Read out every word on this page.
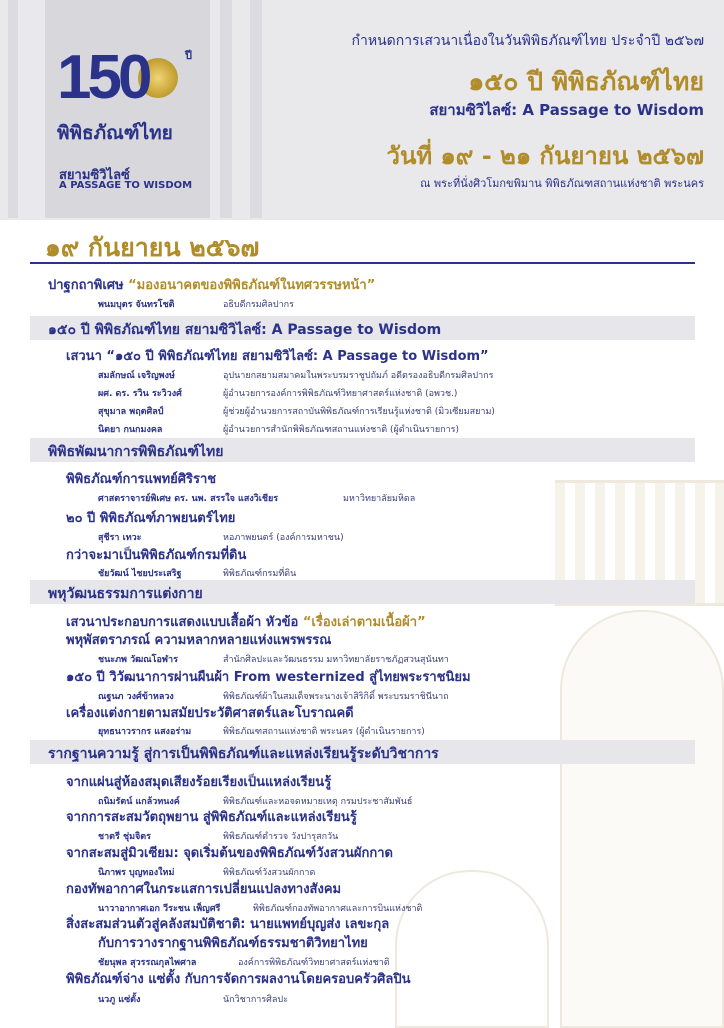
150	ปี
พิพิธภัณฑ์ไทย
สยามซิวิไลซ์
A PASSAGE TO WISDOM
กำหนดการเสวนาเนื่องในวันพิพิธภัณฑ์ไทย ประจำปี ๒๕๖๗
๑๕๐ ปี พิพิธภัณฑ์ไทย
สยามซิวิไลซ์: A Passage to Wisdom
วันที่ ๑๙ - ๒๑ กันยายน ๒๕๖๗
ณ พระที่นั่งศิวโมกขพิมาน พิพิธภัณฑสถานแห่งชาติ พระนคร
๑๙ กันยายน ๒๕๖๗
ปาฐกถาพิเศษ “มองอนาคตของพิพิธภัณฑ์ในทศวรรษหน้า”
พนมบุตร จันทรโชติ	อธิบดีกรมศิลปากร
๑๕๐ ปี พิพิธภัณฑ์ไทย สยามซิวิไลซ์: A Passage to Wisdom
เสวนา “๑๕๐ ปี พิพิธภัณฑ์ไทย สยามซิวิไลซ์: A Passage to Wisdom”
สมลักษณ์ เจริญพงษ์	อุปนายกสยามสมาคมในพระบรมราชูปถัมภ์ อดีตรองอธิบดีกรมศิลปากร
ผศ. ดร. รวิน ระวิวงศ์	ผู้อำนวยการองค์การพิพิธภัณฑ์วิทยาศาสตร์แห่งชาติ (อพวช.)
สุขุมาล พฤตศิลป์	ผู้ช่วยผู้อำนวยการสถาบันพิพิธภัณฑ์การเรียนรู้แห่งชาติ (มิวเซียมสยาม)
นิตยา กนกมงคล	ผู้อำนวยการสำนักพิพิธภัณฑสถานแห่งชาติ (ผู้ดำเนินรายการ)
พิพิธพัฒนาการพิพิธภัณฑ์ไทย
พิพิธภัณฑ์การแพทย์ศิริราช
ศาสตราจารย์พิเศษ ดร. นพ. สรรใจ แสงวิเชียร	มหาวิทยาลัยมหิดล
๒๐ ปี พิพิธภัณฑ์ภาพยนตร์ไทย
สุชีรา เทวะ	หอภาพยนตร์ (องค์การมหาชน)
กว่าจะมาเป็นพิพิธภัณฑ์กรมที่ดิน
ชัยวัฒน์ ไชยประเสริฐ	พิพิธภัณฑ์กรมที่ดิน
พหุวัฒนธรรมการแต่งกาย
เสวนาประกอบการแสดงแบบเสื้อผ้า หัวข้อ “เรื่องเล่าตามเนื้อผ้า”
พหุพัสตราภรณ์ ความหลากหลายแห่งแพรพรรณ
ชนะภพ วัฒณโอฬาร	สำนักศิลปะและวัฒนธรรม มหาวิทยาลัยราชภัฏสวนสุนันทา
๑๕๐ ปี วิวัฒนาการผ่านผืนผ้า From westernized สู่ไทยพระราชนิยม
ณฐนภ วงศ์ข้าหลวง	พิพิธภัณฑ์ผ้าในสมเด็จพระนางเจ้าสิริกิติ์ พระบรมราชินีนาถ
เครื่องแต่งกายตามสมัยประวัติศาสตร์และโบราณคดี
ยุทธนาวรากร แสงอร่าม	พิพิธภัณฑสถานแห่งชาติ พระนคร (ผู้ดำเนินรายการ)
รากฐานความรู้ สู่การเป็นพิพิธภัณฑ์และแหล่งเรียนรู้ระดับวิชาการ
จากแผ่นสู่ห้องสมุดเสียงร้อยเรียงเป็นแหล่งเรียนรู้
ถนิมรัตน์ แกล้วทนงค์	พิพิธภัณฑ์และหอจดหมายเหตุ กรมประชาสัมพันธ์
จากการสะสมวัตถุพยาน สู่พิพิธภัณฑ์และแหล่งเรียนรู้
ชาตรี ชุ่มจิตร	พิพิธภัณฑ์ตำรวจ วังปารุสกวัน
จากสะสมสู่มิวเซียม: จุดเริ่มต้นของพิพิธภัณฑ์วังสวนผักกาด
นิภาพร บุญทองใหม่	พิพิธภัณฑ์วังสวนผักกาด
กองทัพอากาศในกระแสการเปลี่ยนแปลงทางสังคม
นาวาอากาศเอก วีระชน เพ็ญศรี	พิพิธภัณฑ์กองทัพอากาศและการบินแห่งชาติ
สิ่งสะสมส่วนตัวสู่คลังสมบัติชาติ: นายแพทย์บุญส่ง เลขะกุล
กับการวางรากฐานพิพิธภัณฑ์ธรรมชาติวิทยาไทย
ชัยนุพล สุวรรณกุลไพศาล	องค์การพิพิธภัณฑ์วิทยาศาสตร์แห่งชาติ
พิพิธภัณฑ์จ่าง แซ่ตั้ง กับการจัดการผลงานโดยครอบครัวศิลปิน
นวภู แซ่ตั้ง	นักวิชาการศิลปะ
